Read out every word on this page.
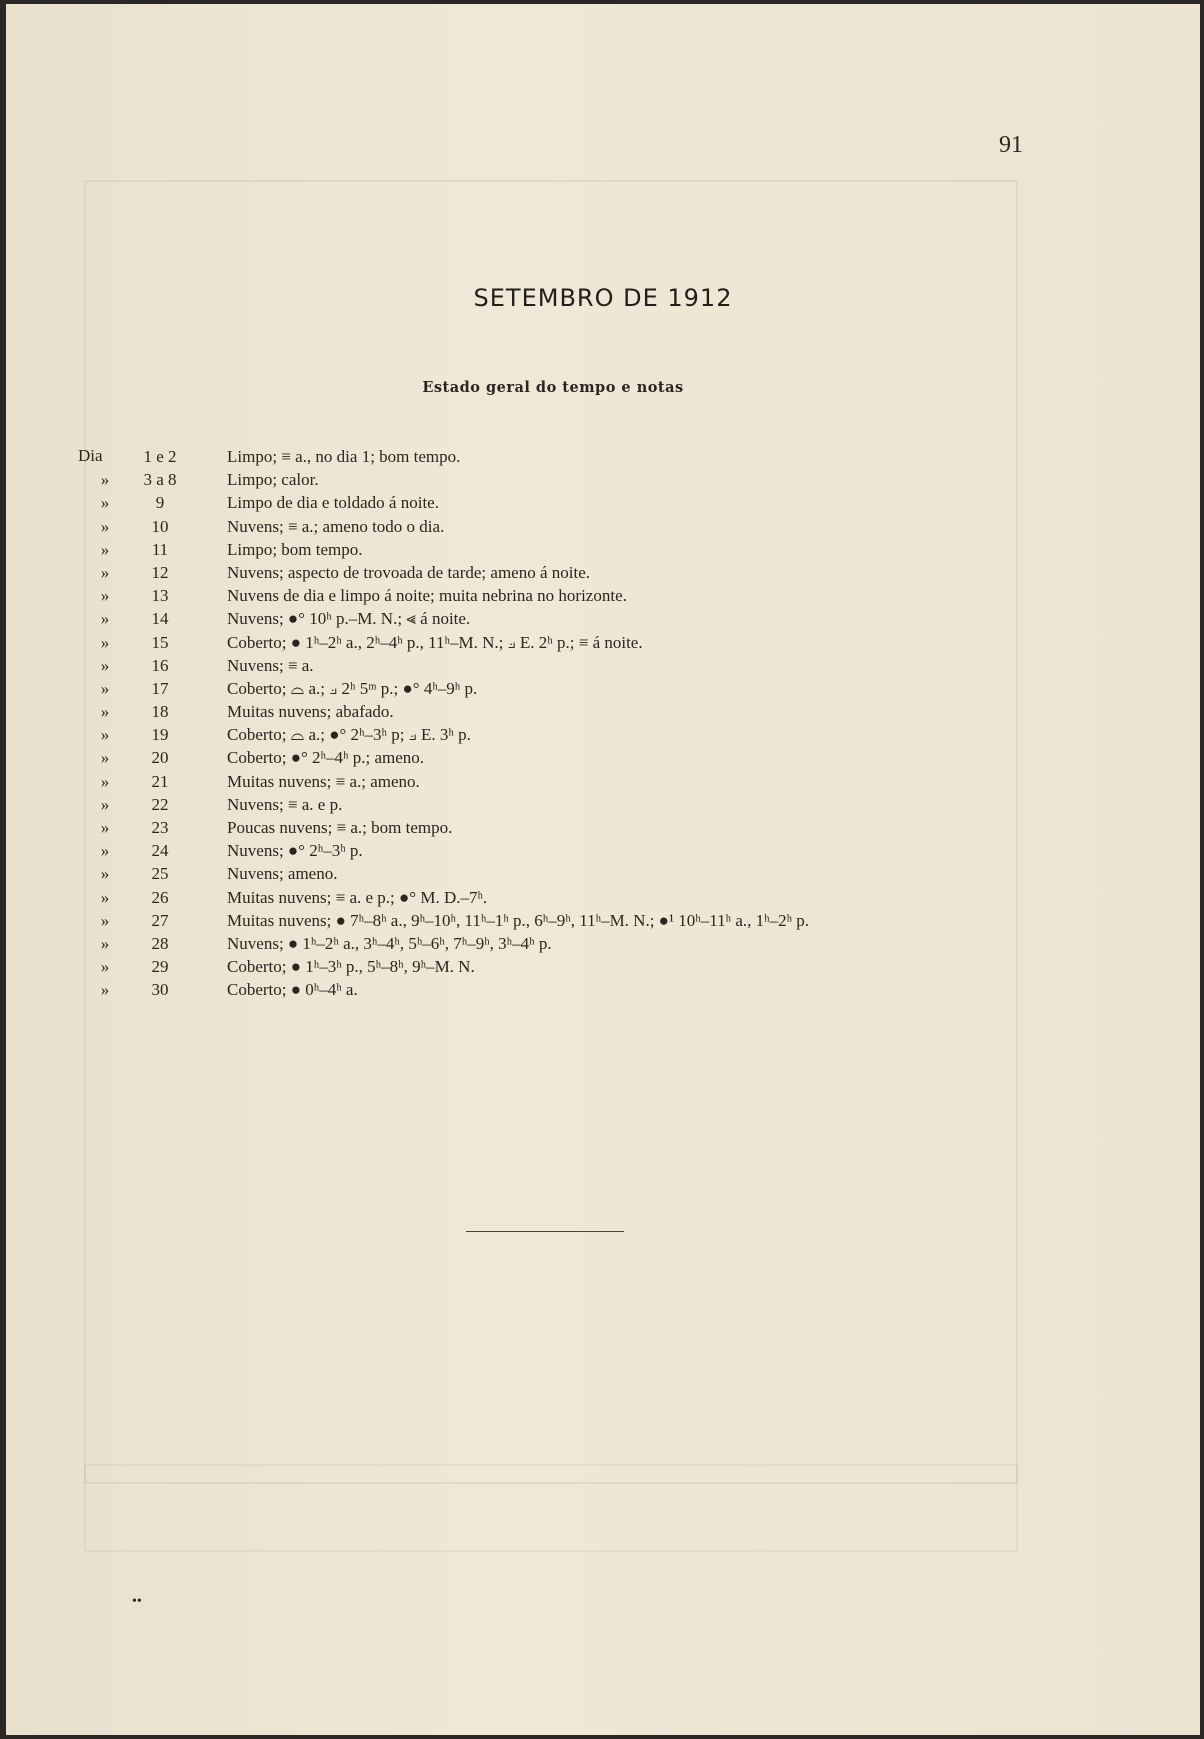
91
SETEMBRO DE 1912
Estado geral do tempo e notas
Dia	1 e 2	Limpo; ≡ a., no dia 1; bom tempo.
»	3 a 8	Limpo; calor.
»	9	Limpo de dia e toldado á noite.
»	10	Nuvens; ≡ a.; ameno todo o dia.
»	11	Limpo; bom tempo.
»	12	Nuvens; aspecto de trovoada de tarde; ameno á noite.
»	13	Nuvens de dia e limpo á noite; muita nebrina no horizonte.
»	14	Nuvens; ●° 10ʰ p.–M. N.; ⪡ á noite.
»	15	Coberto; ● 1ʰ–2ʰ a., 2ʰ–4ʰ p., 11ʰ–M. N.; ⟓ E. 2ʰ p.; ≡ á noite.
»	16	Nuvens; ≡ a.
»	17	Coberto; ⌓ a.; ⟓ 2ʰ 5ᵐ p.; ●° 4ʰ–9ʰ p.
»	18	Muitas nuvens; abafado.
»	19	Coberto; ⌓ a.; ●° 2ʰ–3ʰ p; ⟓ E. 3ʰ p.
»	20	Coberto; ●° 2ʰ–4ʰ p.; ameno.
»	21	Muitas nuvens; ≡ a.; ameno.
»	22	Nuvens; ≡ a. e p.
»	23	Poucas nuvens; ≡ a.; bom tempo.
»	24	Nuvens; ●° 2ʰ–3ʰ p.
»	25	Nuvens; ameno.
»	26	Muitas nuvens; ≡ a. e p.; ●° M. D.–7ʰ.
»	27	Muitas nuvens; ● 7ʰ–8ʰ a., 9ʰ–10ʰ, 11ʰ–1ʰ p., 6ʰ–9ʰ, 11ʰ–M. N.; ●¹ 10ʰ–11ʰ a., 1ʰ–2ʰ p.
»	28	Nuvens; ● 1ʰ–2ʰ a., 3ʰ–4ʰ, 5ʰ–6ʰ, 7ʰ–9ʰ, 3ʰ–4ʰ p.
»	29	Coberto; ● 1ʰ–3ʰ p., 5ʰ–8ʰ, 9ʰ–M. N.
»	30	Coberto; ● 0ʰ–4ʰ a.
••
